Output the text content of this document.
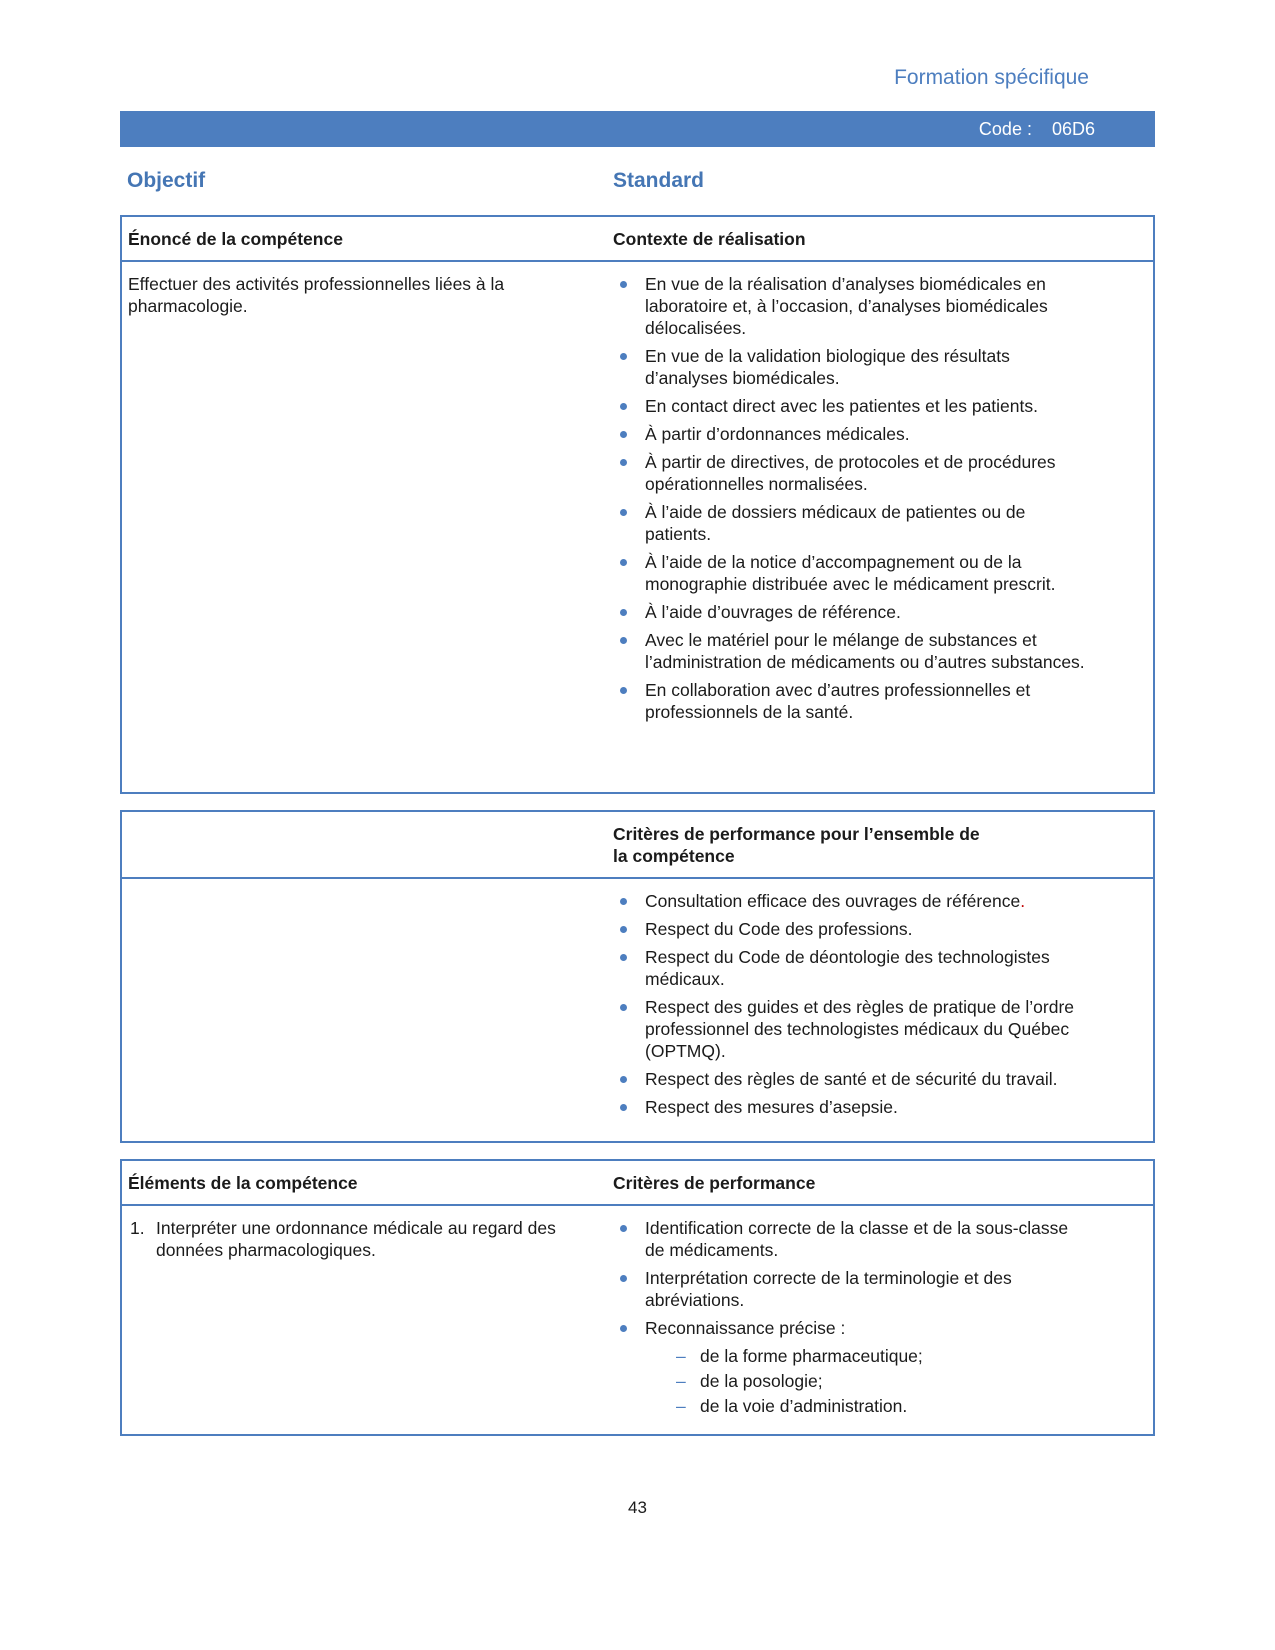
Formation spécifique
Code : 06D6
Objectif	Standard
Énoncé de la compétence	Contexte de réalisation
Effectuer des activités professionnelles liées à la pharmacologie.
En vue de la réalisation d’analyses biomédicales en laboratoire et, à l’occasion, d’analyses biomédicales délocalisées.
En vue de la validation biologique des résultats d’analyses biomédicales.
En contact direct avec les patientes et les patients.
À partir d’ordonnances médicales.
À partir de directives, de protocoles et de procédures opérationnelles normalisées.
À l’aide de dossiers médicaux de patientes ou de patients.
À l’aide de la notice d’accompagnement ou de la monographie distribuée avec le médicament prescrit.
À l’aide d’ouvrages de référence.
Avec le matériel pour le mélange de substances et l’administration de médicaments ou d’autres substances.
En collaboration avec d’autres professionnelles et professionnels de la santé.
Critères de performance pour l’ensemble de la compétence
Consultation efficace des ouvrages de référence.
Respect du Code des professions.
Respect du Code de déontologie des technologistes médicaux.
Respect des guides et des règles de pratique de l’ordre professionnel des technologistes médicaux du Québec (OPTMQ).
Respect des règles de santé et de sécurité du travail.
Respect des mesures d’asepsie.
Éléments de la compétence	Critères de performance
1. Interpréter une ordonnance médicale au regard des données pharmacologiques.
Identification correcte de la classe et de la sous-classe de médicaments.
Interprétation correcte de la terminologie et des abréviations.
Reconnaissance précise :
– de la forme pharmaceutique;
– de la posologie;
– de la voie d’administration.
43
